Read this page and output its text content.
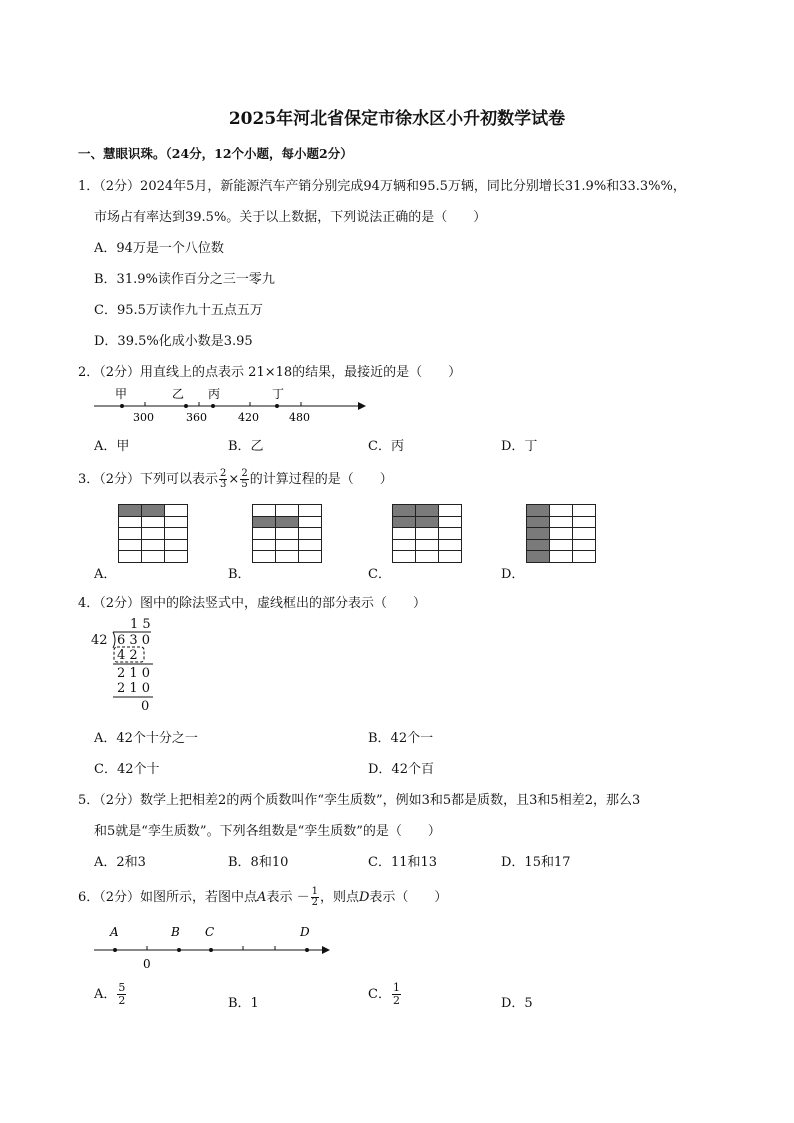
2025年河北省保定市徐水区小升初数学试卷
一、慧眼识珠。（24分，12个小题，每小题2分）
1．（2分）2024年5月，新能源汽车产销分别完成94万辆和95.5万辆，同比分别增长31.9%和33.3%%，
市场占有率达到39.5%。关于以上数据，下列说法正确的是（　　）
A．94万是一个八位数
B．31.9%读作百分之三一零九
C．95.5万读作九十五点五万
D．39.5%化成小数是3.95
2．（2分）用直线上的点表示 21×18的结果，最接近的是（　　）
甲	乙 丙	丁
300	360	420	480
A．甲	B．乙	C．丙	D．丁
3．（2分）下列可以表示 $\frac{2}{3} \times \frac{2}{5}$ 的计算过程的是（　　）

A．	B．	C．	D．
4．（2分）图中的除法竖式中，虚线框出的部分表示（　　）
1 5
42 6 3 0
4 2
2 1 0
2 1 0
0
A．42个十分之一	B．42个一
C．42个十	D．42个百
5．（2分）数学上把相差2的两个质数叫作“孪生质数”，例如3和5都是质数，且3和5相差2，那么3
和5就是“孪生质数”。下列各组数是“孪生质数”的是（　　）
A．2和3	B．8和10	C．11和13	D．15和17
6．（2分）如图所示，若图中点A表示 － $\frac{1}{2}$ ，则点D表示（　　）
A	B C	D
0
A． $\frac{5}{2}$	B．1
C． $\frac{1}{2}$	D．5
